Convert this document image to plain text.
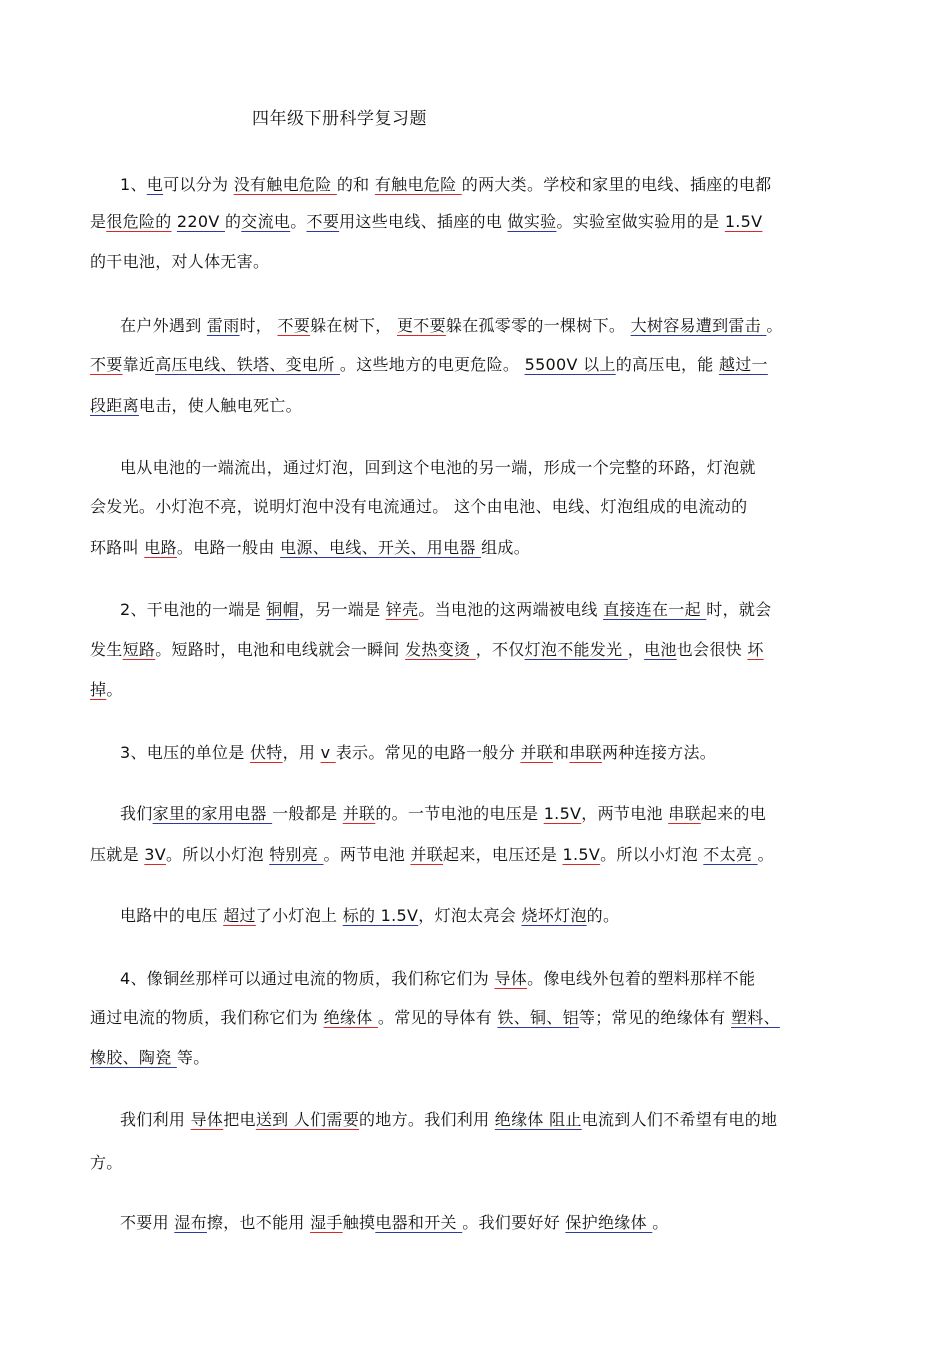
四年级下册科学复习题
1、电可以分为 没有触电危险 的和 有触电危险 的两大类。学校和家里的电线、插座的电都
是很危险的 220V 的交流电。不要用这些电线、插座的电 做实验。实验室做实验用的是 1.5V
的干电池，对人体无害。
在户外遇到 雷雨时， 不要躲在树下， 更不要躲在孤零零的一棵树下。 大树容易遭到雷击 。
不要靠近高压电线、铁塔、变电所 。这些地方的电更危险。 5500V 以上的高压电，能 越过一
段距离电击，使人触电死亡。
电从电池的一端流出，通过灯泡，回到这个电池的另一端，形成一个完整的环路，灯泡就
会发光。小灯泡不亮，说明灯泡中没有电流通过。 这个由电池、电线、灯泡组成的电流动的
环路叫 电路。电路一般由 电源、电线、开关、用电器 组成。
2、干电池的一端是 铜帽，另一端是 锌壳。当电池的这两端被电线 直接连在一起 时，就会
发生短路。短路时，电池和电线就会一瞬间 发热变烫 ，不仅灯泡不能发光 ，电池也会很快 坏
掉。
3、电压的单位是 伏特，用 v 表示。常见的电路一般分 并联和串联两种连接方法。
我们家里的家用电器 一般都是 并联的。一节电池的电压是 1.5V，两节电池 串联起来的电
压就是 3V。所以小灯泡 特别亮 。两节电池 并联起来，电压还是 1.5V。所以小灯泡 不太亮 。
电路中的电压 超过了小灯泡上 标的 1.5V，灯泡太亮会 烧坏灯泡的。
4、像铜丝那样可以通过电流的物质，我们称它们为 导体。像电线外包着的塑料那样不能
通过电流的物质，我们称它们为 绝缘体 。常见的导体有 铁、铜、铝等；常见的绝缘体有 塑料、
橡胶、陶瓷 等。
我们利用 导体把电送到 人们需要的地方。我们利用 绝缘体 阻止电流到人们不希望有电的地
方。
不要用 湿布擦，也不能用 湿手触摸电器和开关 。我们要好好 保护绝缘体 。
